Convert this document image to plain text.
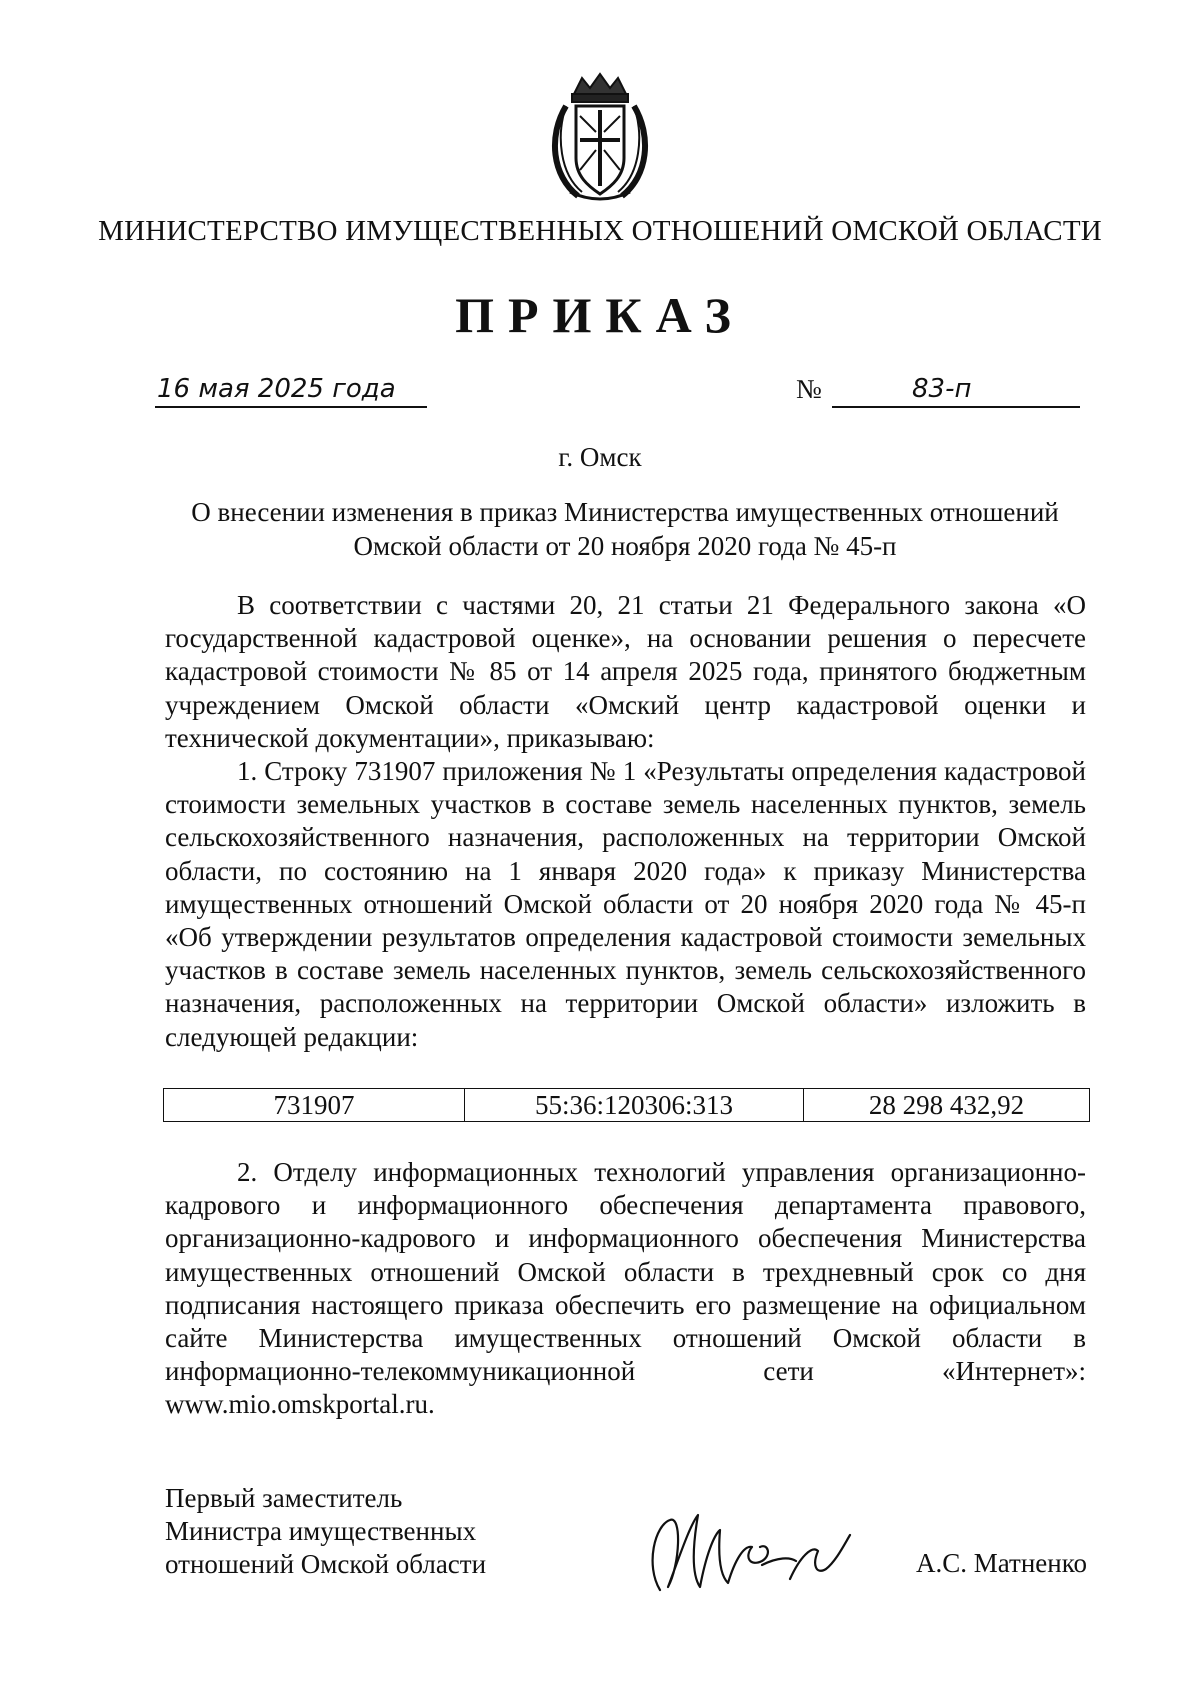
МИНИСТЕРСТВО ИМУЩЕСТВЕННЫХ ОТНОШЕНИЙ ОМСКОЙ ОБЛАСТИ
ПРИКАЗ
16 мая 2025 года	№	83-п
г. Омск
О внесении изменения в приказ Министерства имущественных отношений
Омской области от 20 ноября 2020 года № 45-п

В соответствии с частями 20, 21 статьи 21 Федерального закона «О государственной кадастровой оценке», на основании решения о пересчете кадастровой стоимости № 85 от 14 апреля 2025 года, принятого бюджетным учреждением Омской области «Омский центр кадастровой оценки и технической документации», приказываю:

1. Строку 731907 приложения № 1 «Результаты определения кадастровой стоимости земельных участков в составе земель населенных пунктов, земель сельскохозяйственного назначения, расположенных на территории Омской области, по состоянию на 1 января 2020 года» к приказу Министерства имущественных отношений Омской области от 20 ноября 2020 года № 45-п «Об утверждении результатов определения кадастровой стоимости земельных участков в составе земель населенных пунктов, земель сельскохозяйственного назначения, расположенных на территории Омской области» изложить в следующей редакции:

731907	55:36:120306:313	28 298 432,92

2. Отделу информационных технологий управления организационно-кадрового и информационного обеспечения департамента правового, организационно-кадрового и информационного обеспечения Министерства имущественных отношений Омской области в трехдневный срок со дня подписания настоящего приказа обеспечить его размещение на официальном сайте Министерства имущественных отношений Омской области в информационно-телекоммуникационной сети «Интернет»: www.mio.omskportal.ru.

Первый заместитель
Министра имущественных
отношений Омской области	А.С. Матненко
